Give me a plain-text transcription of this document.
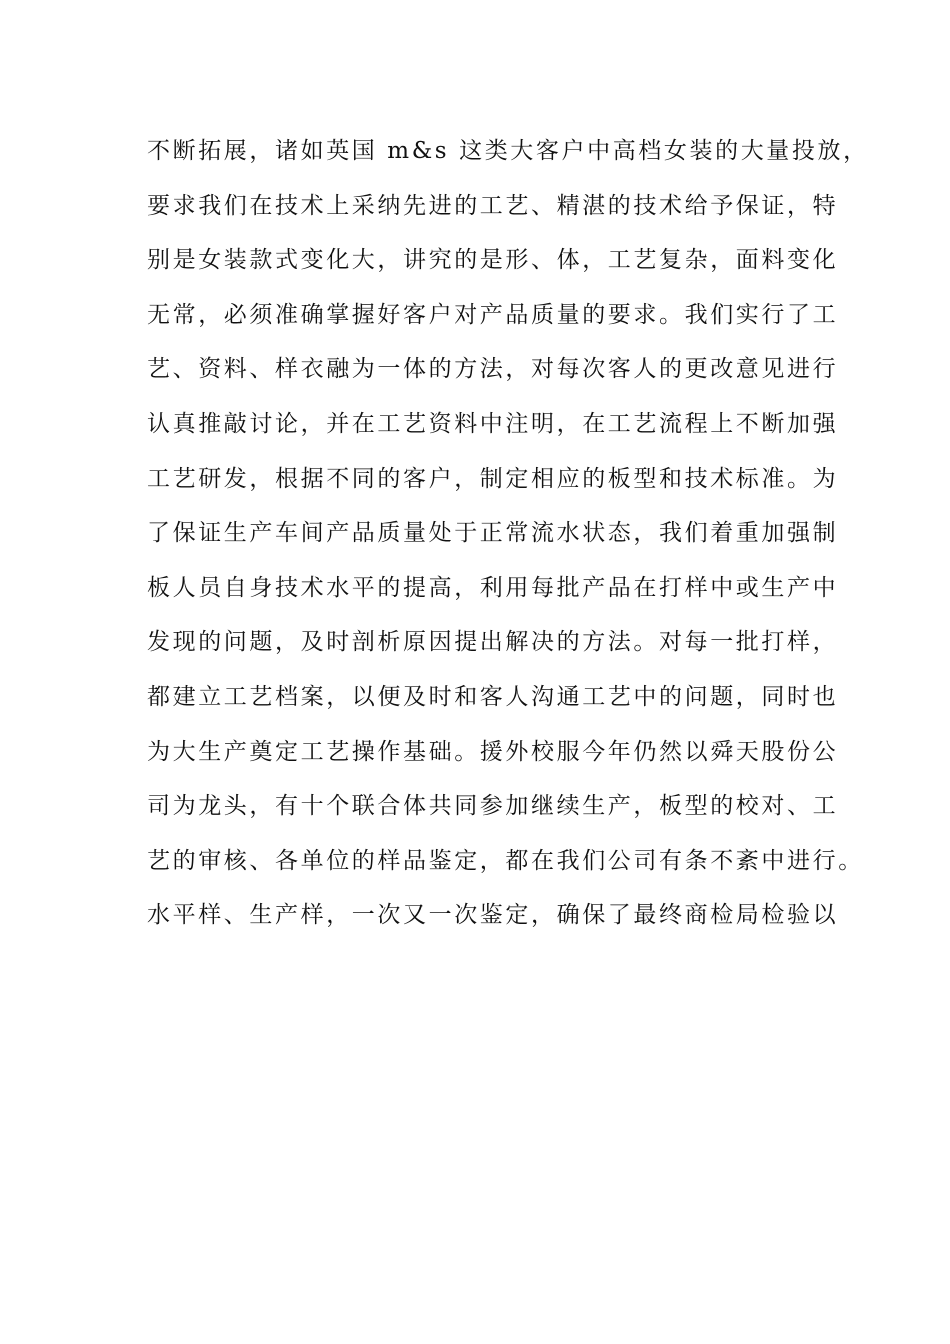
不断拓展，诸如英国 m&s 这类大客户中高档女装的大量投放，
要求我们在技术上采纳先进的工艺、精湛的技术给予保证，特
别是女装款式变化大，讲究的是形、体，工艺复杂，面料变化
无常，必须准确掌握好客户对产品质量的要求。我们实行了工
艺、资料、样衣融为一体的方法，对每次客人的更改意见进行
认真推敲讨论，并在工艺资料中注明，在工艺流程上不断加强
工艺研发，根据不同的客户，制定相应的板型和技术标准。为
了保证生产车间产品质量处于正常流水状态，我们着重加强制
板人员自身技术水平的提高，利用每批产品在打样中或生产中
发现的问题，及时剖析原因提出解决的方法。对每一批打样，
都建立工艺档案，以便及时和客人沟通工艺中的问题，同时也
为大生产奠定工艺操作基础。援外校服今年仍然以舜天股份公
司为龙头，有十个联合体共同参加继续生产，板型的校对、工
艺的审核、各单位的样品鉴定，都在我们公司有条不紊中进行。
水平样、生产样，一次又一次鉴定，确保了最终商检局检验以
